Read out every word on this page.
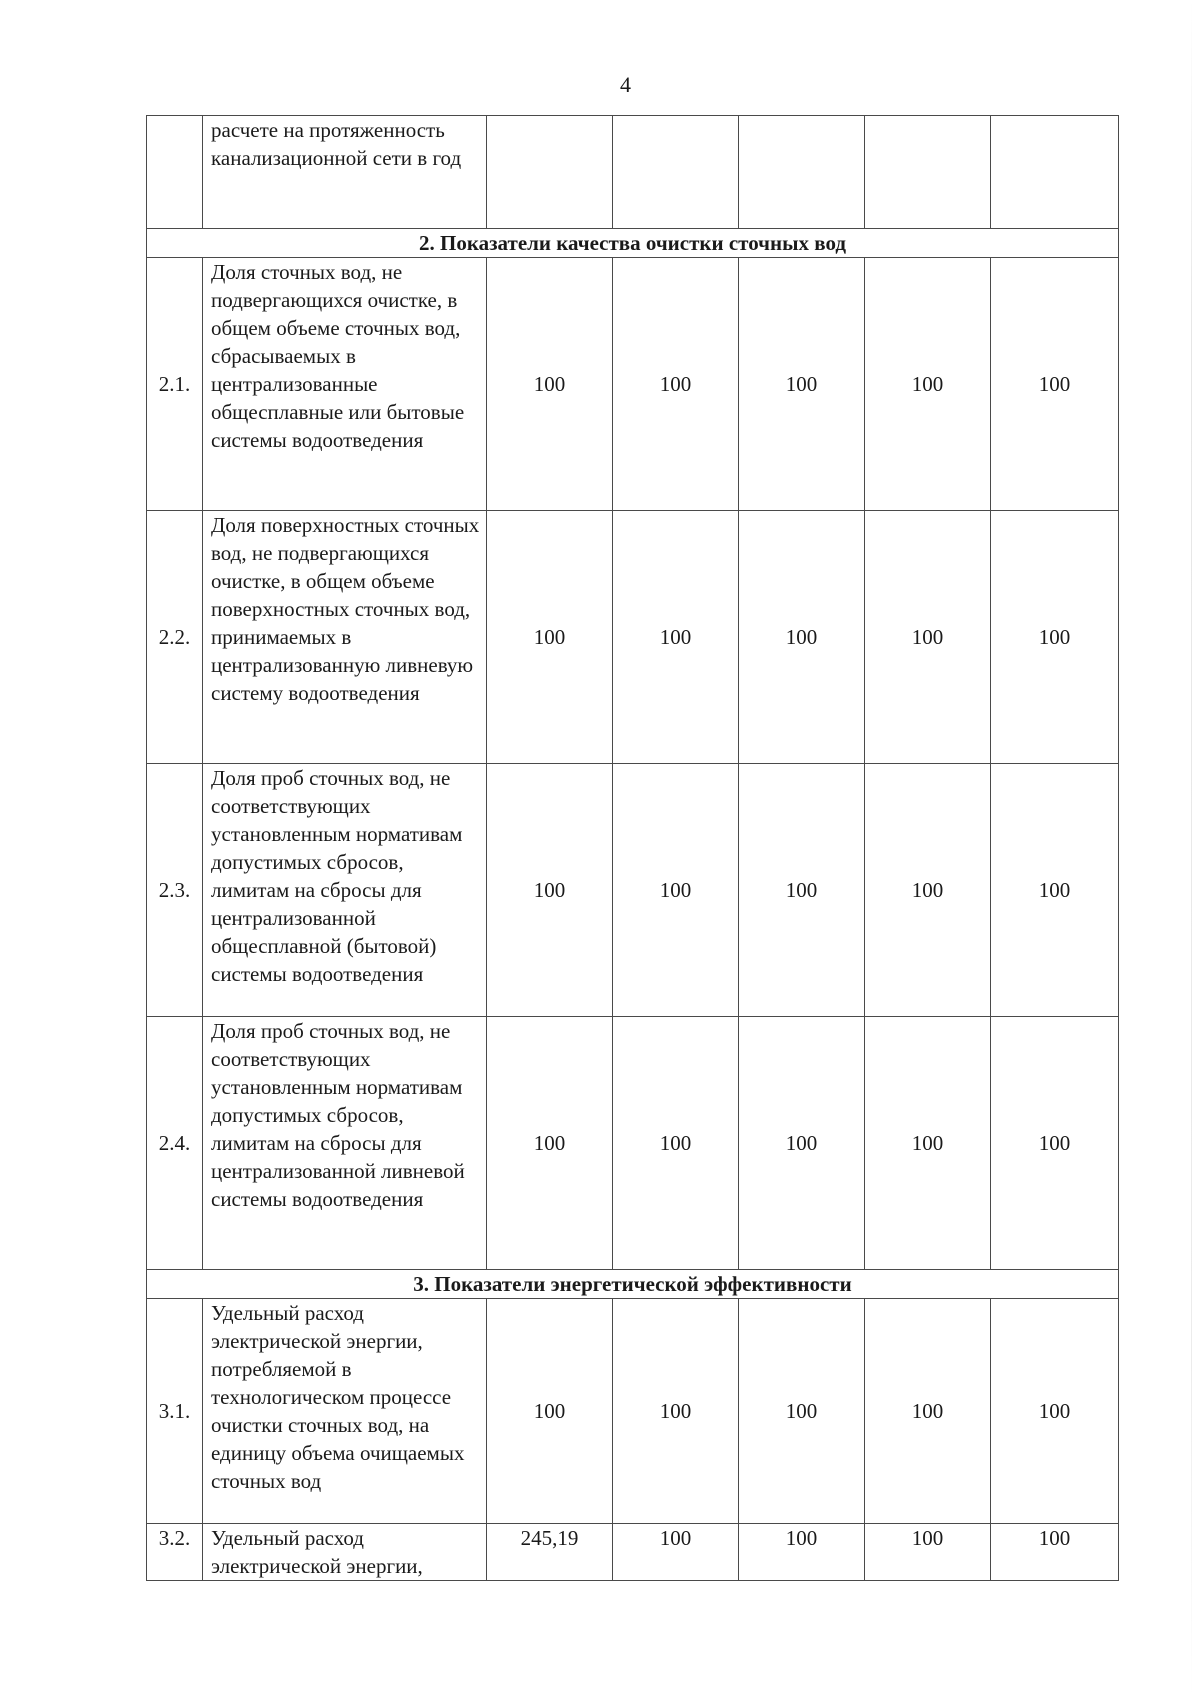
4
	расчете на протяженность канализационной сети в год					
2. Показатели качества очистки сточных вод						
2.1.	Доля сточных вод, не подвергающихся очистке, в общем объеме сточных вод, сбрасываемых в централизованные общесплавные или бытовые системы водоотведения	100	100	100	100	100
2.2.	Доля поверхностных сточных вод, не подвергающихся очистке, в общем объеме поверхностных сточных вод, принимаемых в централизованную ливневую систему водоотведения	100	100	100	100	100
2.3.	Доля проб сточных вод, не соответствующих установленным нормативам допустимых сбросов, лимитам на сбросы для централизованной общесплавной (бытовой) системы водоотведения	100	100	100	100	100
2.4.	Доля проб сточных вод, не соответствующих установленным нормативам допустимых сбросов, лимитам на сбросы для централизованной ливневой системы водоотведения	100	100	100	100	100
3. Показатели энергетической эффективности						
3.1.	Удельный расход электрической энергии, потребляемой в технологическом процессе очистки сточных вод, на единицу объема очищаемых сточных вод	100	100	100	100	100
3.2.	Удельный расход электрической энергии,	245,19	100	100	100	100
